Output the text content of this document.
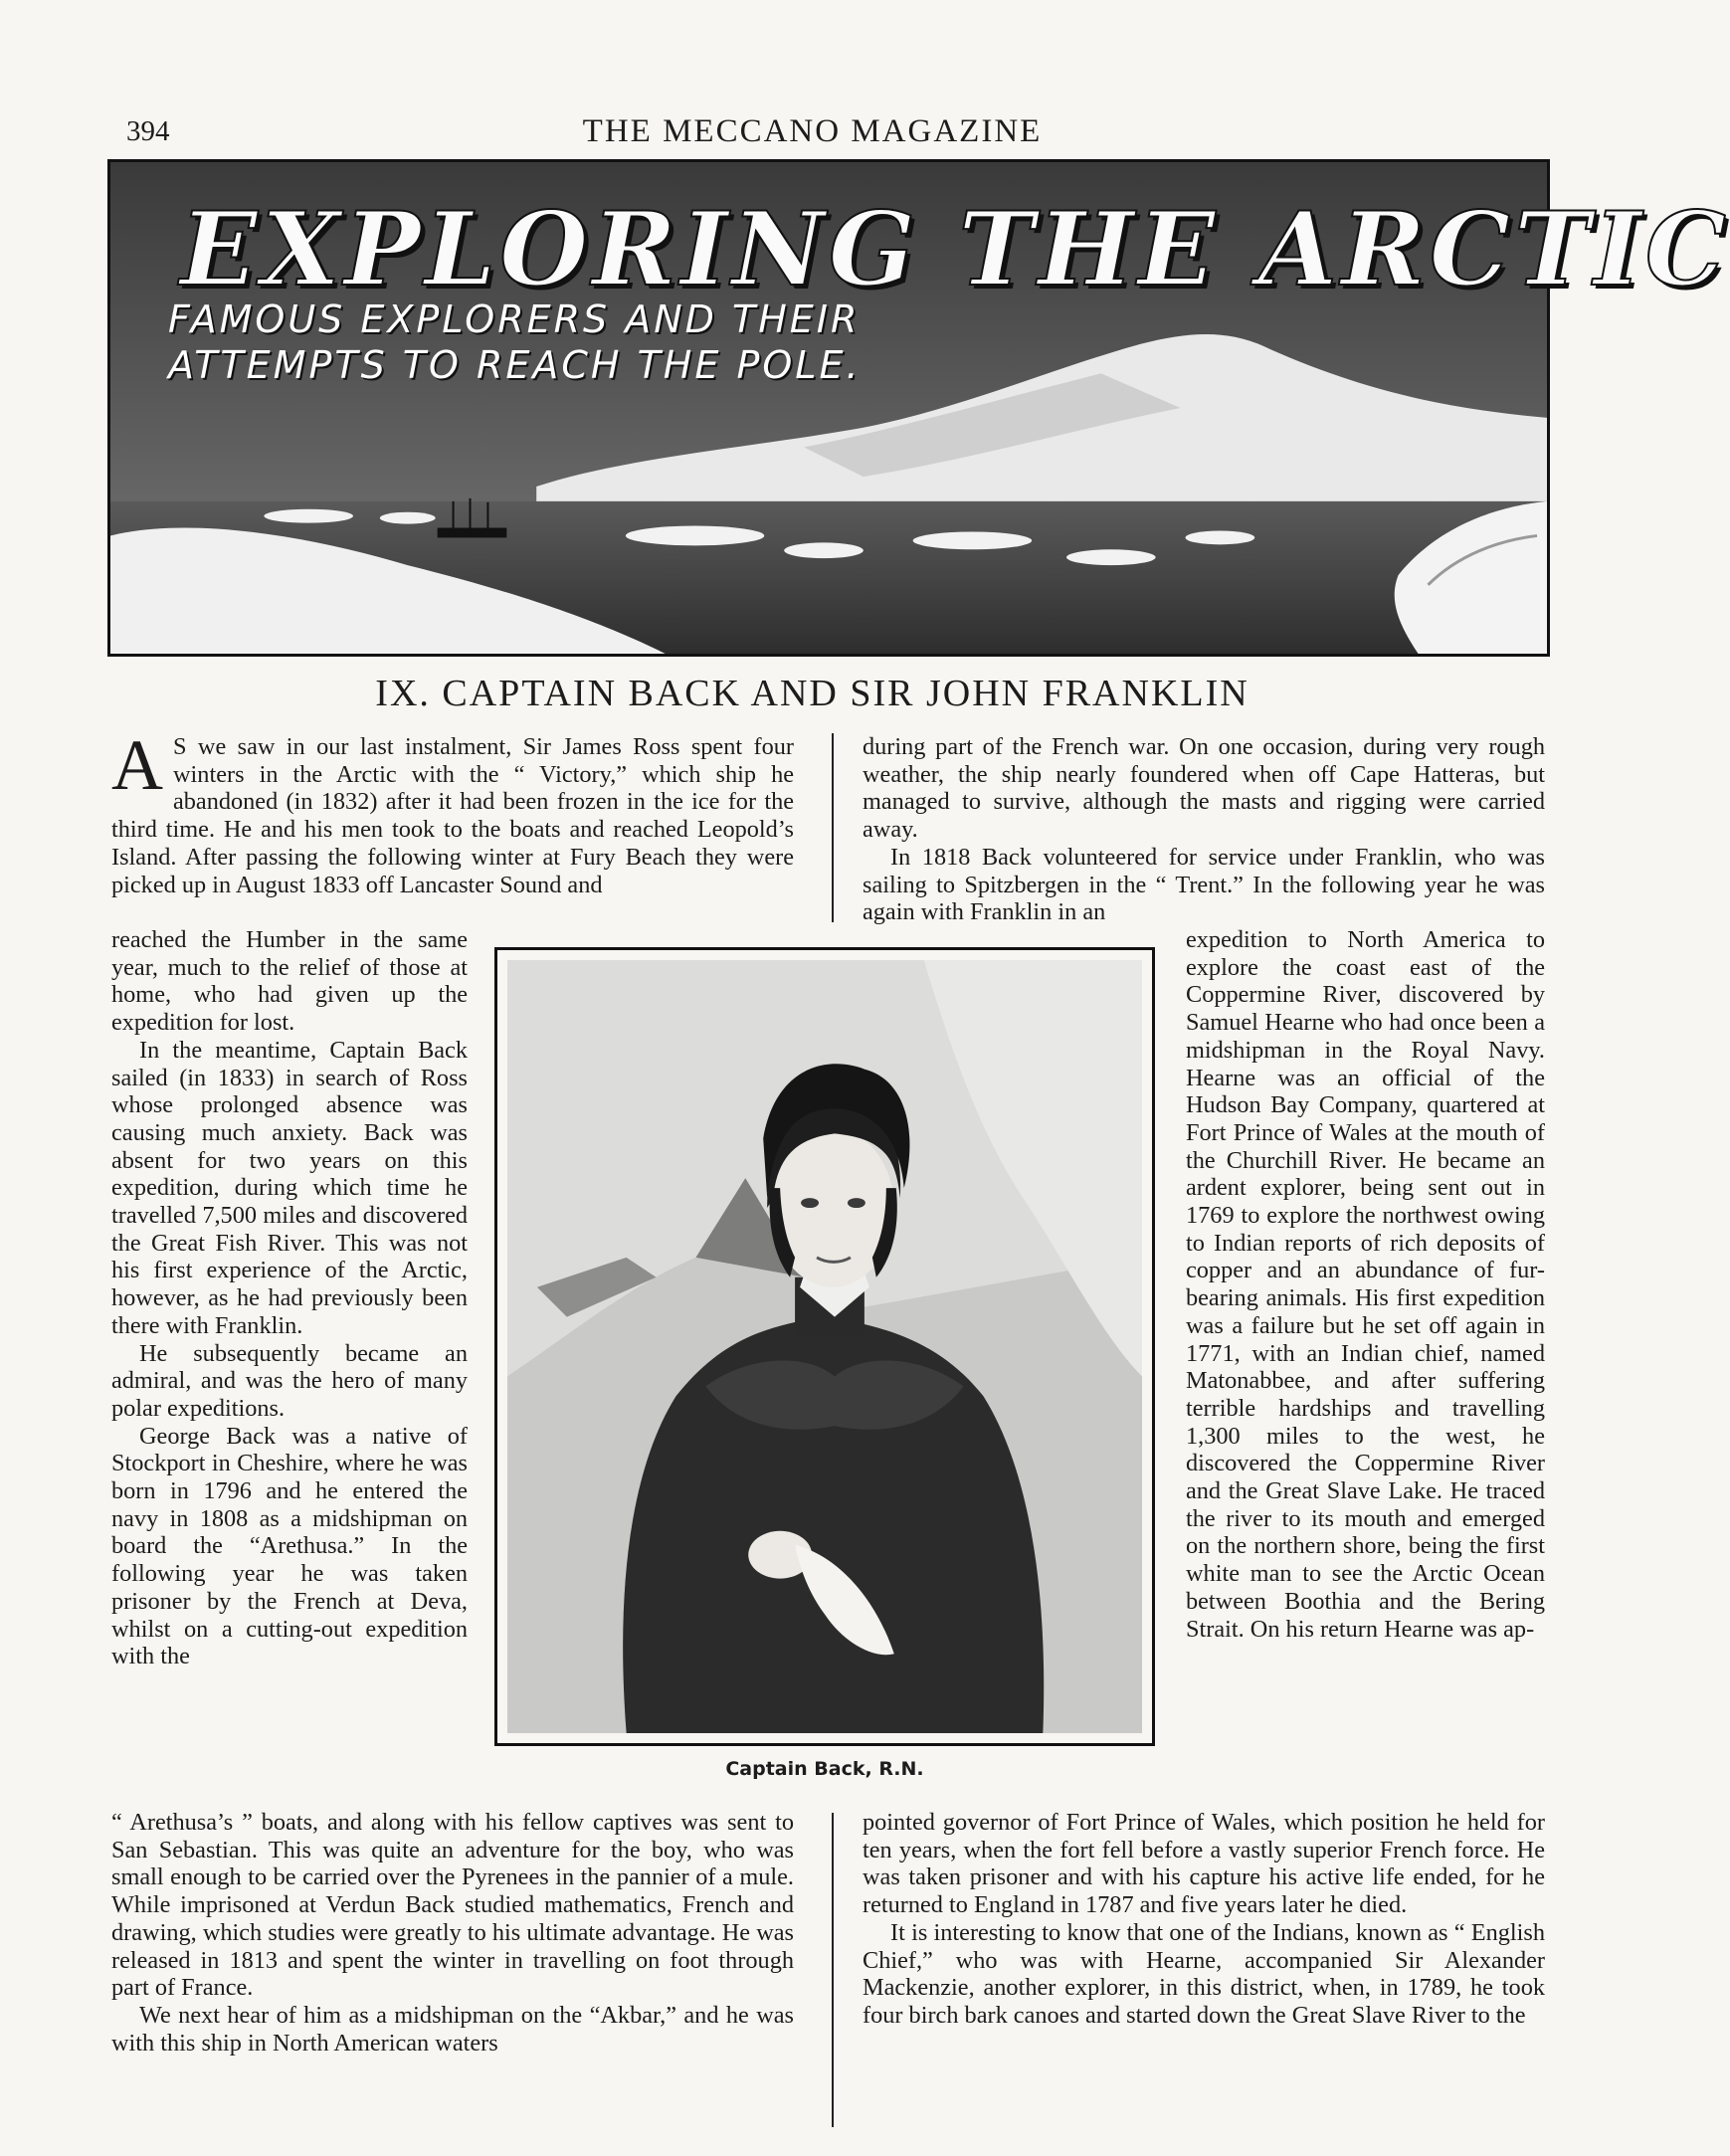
394	THE MECCANO MAGAZINE
EXPLORING THE ARCTIC
FAMOUS EXPLORERS AND THEIR ATTEMPTS TO REACH THE POLE.
IX. CAPTAIN BACK AND SIR JOHN FRANKLIN

A S we saw in our last instalment, Sir James Ross spent four winters in the Arctic with the “ Victory,” which ship he abandoned (in 1832) after it had been frozen in the ice for the third time. He and his men took to the boats and reached Leopold’s Island. After passing the following winter at Fury Beach they were picked up in August 1833 off Lancaster Sound and

reached the Humber in the same year, much to the relief of those at home, who had given up the expedition for lost.

In the meantime, Captain Back sailed (in 1833) in search of Ross whose prolonged absence was causing much anxiety. Back was absent for two years on this expedition, during which time he travelled 7,500 miles and discovered the Great Fish River. This was not his first experience of the Arctic, however, as he had previously been there with Franklin.

He subsequently became an admiral, and was the hero of many polar expeditions.

George Back was a native of Stockport in Cheshire, where he was born in 1796 and he entered the navy in 1808 as a midshipman on board the “Arethusa.” In the following year he was taken prisoner by the French at Deva, whilst on a cutting-out expedition with the

“ Arethusa’s ” boats, and along with his fellow captives was sent to San Sebastian. This was quite an adventure for the boy, who was small enough to be carried over the Pyrenees in the pannier of a mule. While imprisoned at Verdun Back studied mathematics, French and drawing, which studies were greatly to his ultimate advantage. He was released in 1813 and spent the winter in travelling on foot through part of France.

We next hear of him as a midshipman on the “Akbar,” and he was with this ship in North American waters

during part of the French war. On one occasion, during very rough weather, the ship nearly foundered when off Cape Hatteras, but managed to survive, although the masts and rigging were carried away.

In 1818 Back volunteered for service under Franklin, who was sailing to Spitzbergen in the “ Trent.” In the following year he was again with Franklin in an

expedition to North America to explore the coast east of the Coppermine River, discovered by Samuel Hearne who had once been a midshipman in the Royal Navy. Hearne was an official of the Hudson Bay Company, quartered at Fort Prince of Wales at the mouth of the Churchill River. He became an ardent explorer, being sent out in 1769 to explore the northwest owing to Indian reports of rich deposits of copper and an abundance of fur-bearing animals. His first expedition was a failure but he set off again in 1771, with an Indian chief, named Matonabbee, and after suffering terrible hardships and travelling 1,300 miles to the west, he discovered the Coppermine River and the Great Slave Lake. He traced the river to its mouth and emerged on the northern shore, being the first white man to see the Arctic Ocean between Boothia and the Bering Strait. On his return Hearne was ap-

pointed governor of Fort Prince of Wales, which position he held for ten years, when the fort fell before a vastly superior French force. He was taken prisoner and with his capture his active life ended, for he returned to England in 1787 and five years later he died.

It is interesting to know that one of the Indians, known as “ English Chief,” who was with Hearne, accompanied Sir Alexander Mackenzie, another explorer, in this district, when, in 1789, he took four birch bark canoes and started down the Great Slave River to the

Captain Back, R.N.
